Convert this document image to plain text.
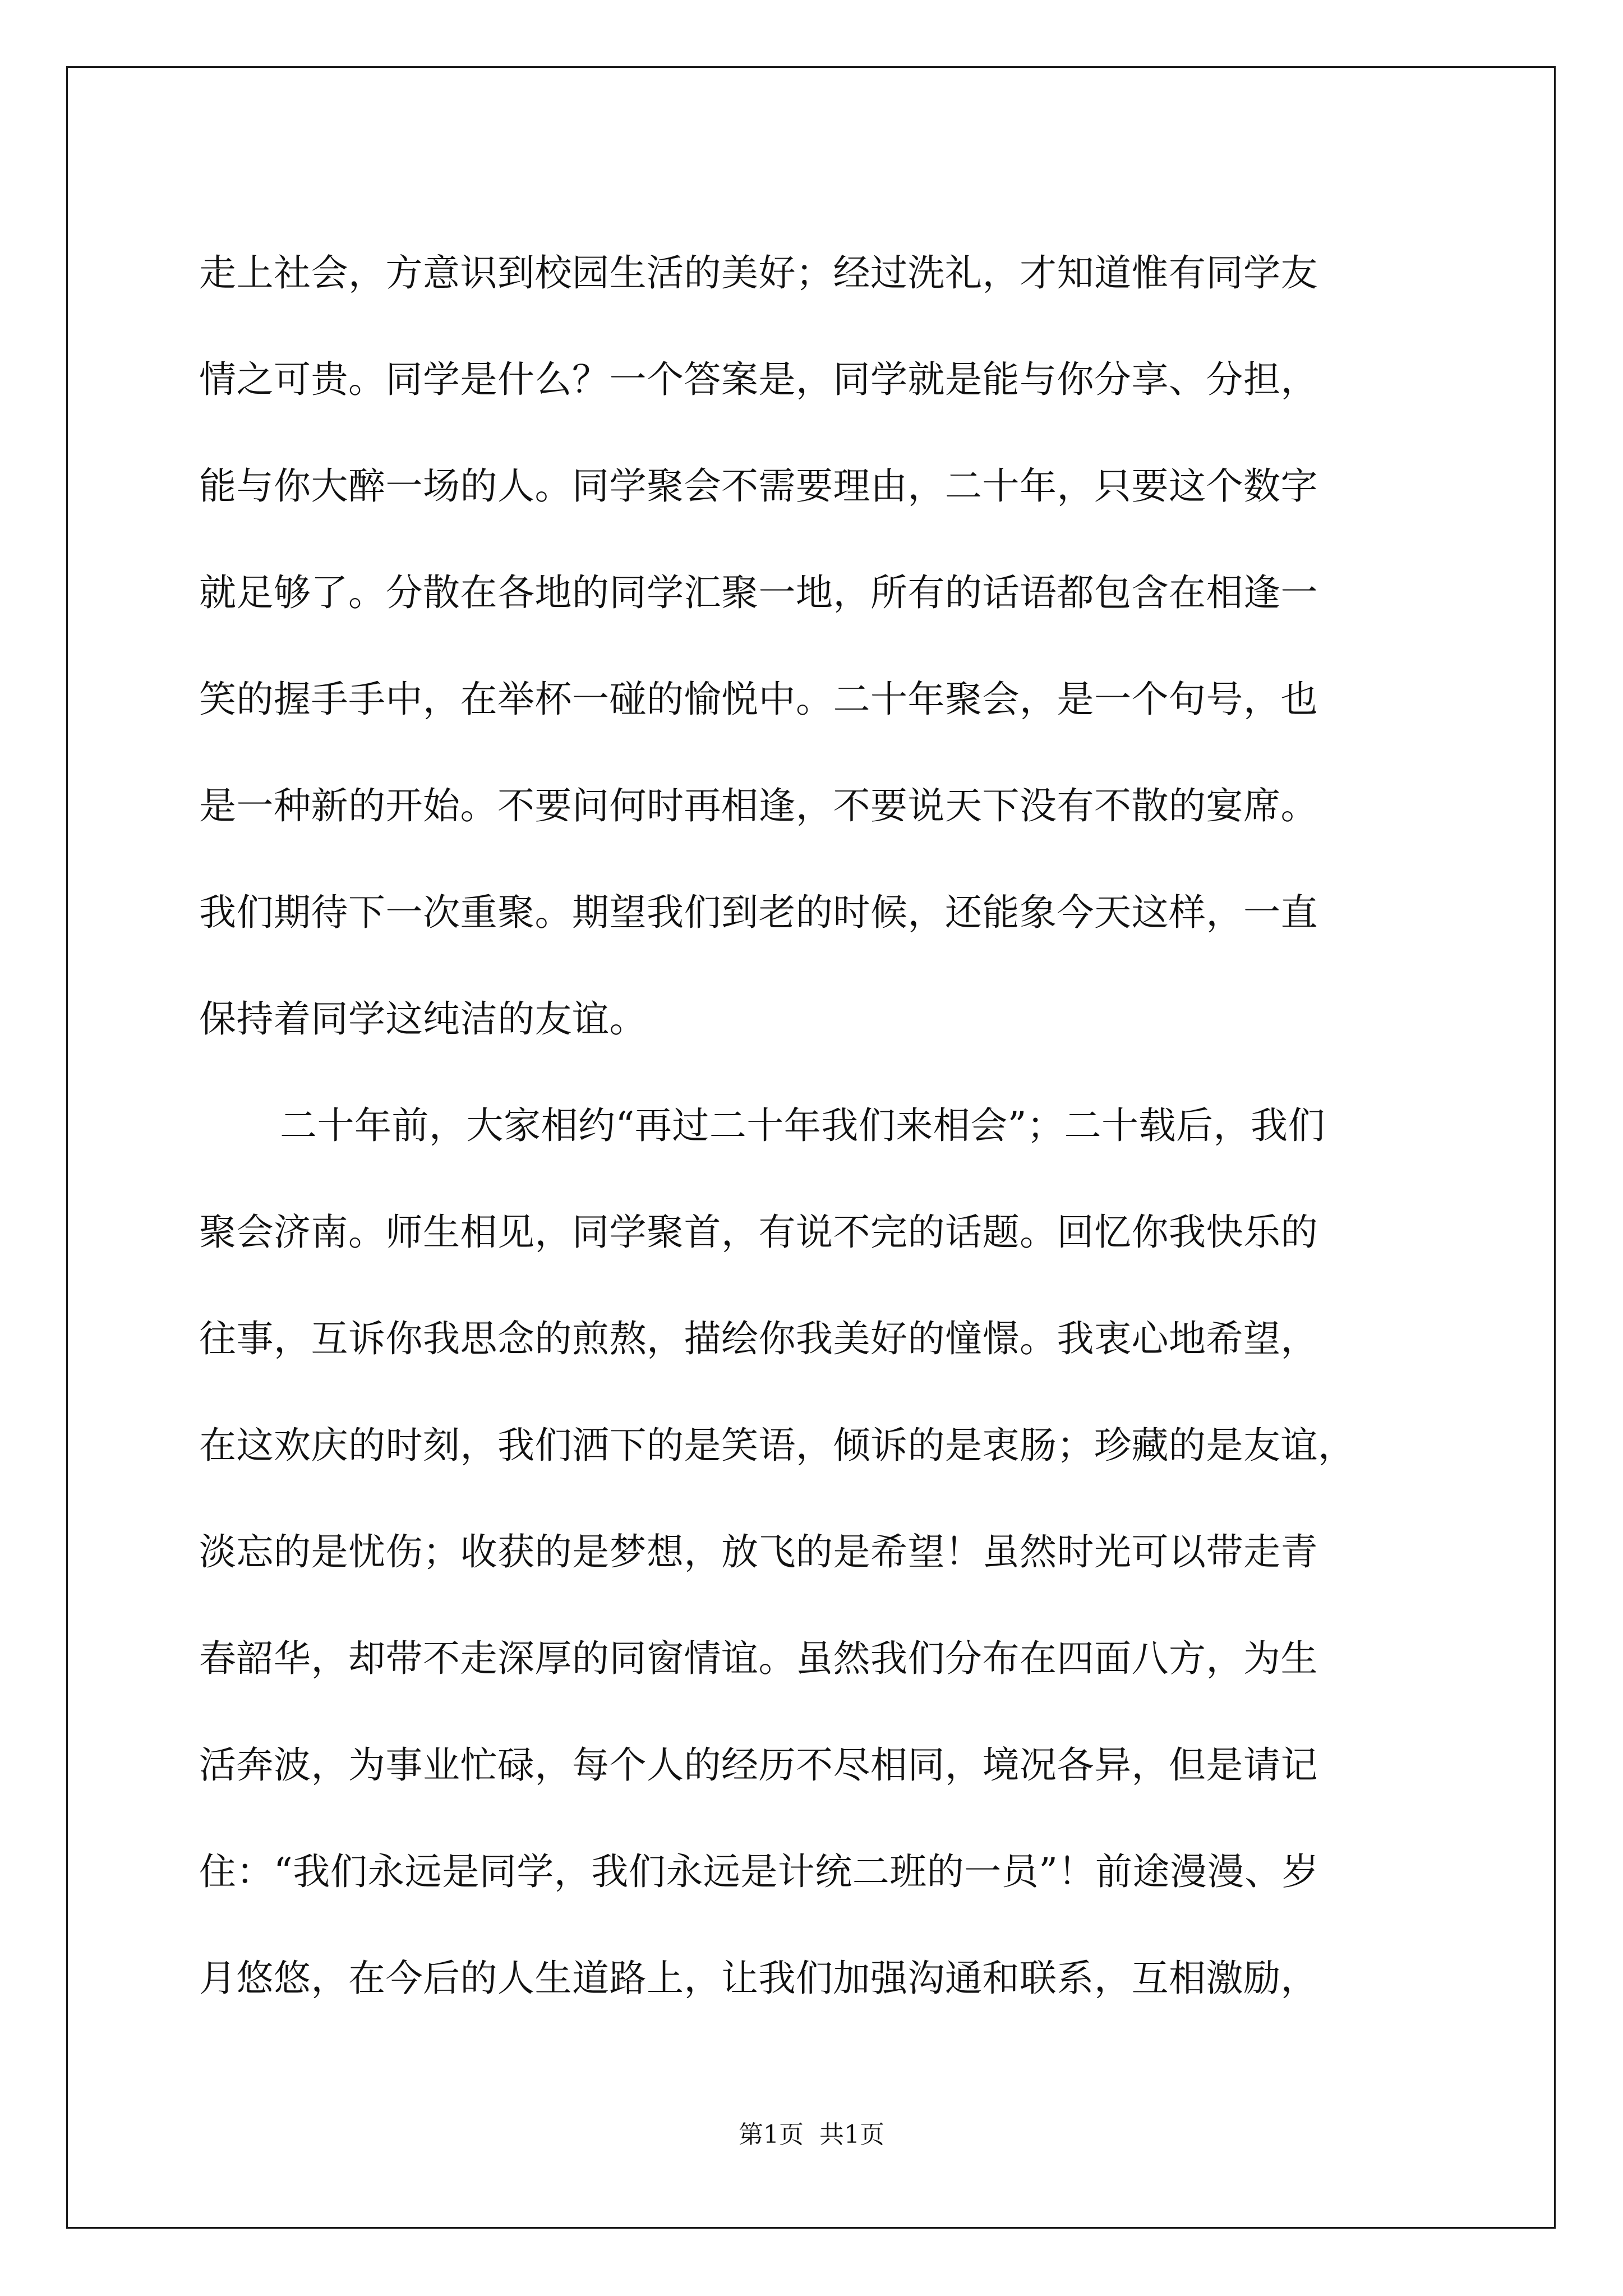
走上社会，方意识到校园生活的美好；经过洗礼，才知道惟有同学友
情之可贵。同学是什么？一个答案是，同学就是能与你分享、分担，
能与你大醉一场的人。同学聚会不需要理由，二十年，只要这个数字
就足够了。分散在各地的同学汇聚一地，所有的话语都包含在相逢一
笑的握手手中，在举杯一碰的愉悦中。二十年聚会，是一个句号，也
是一种新的开始。不要问何时再相逢，不要说天下没有不散的宴席。
我们期待下一次重聚。期望我们到老的时候，还能象今天这样，一直
保持着同学这纯洁的友谊。
二十年前，大家相约“再过二十年我们来相会”；二十载后，我们
聚会济南。师生相见，同学聚首，有说不完的话题。回忆你我快乐的
往事，互诉你我思念的煎熬，描绘你我美好的憧憬。我衷心地希望，
在这欢庆的时刻，我们洒下的是笑语，倾诉的是衷肠；珍藏的是友谊，
淡忘的是忧伤；收获的是梦想，放飞的是希望！虽然时光可以带走青
春韶华，却带不走深厚的同窗情谊。虽然我们分布在四面八方，为生
活奔波，为事业忙碌，每个人的经历不尽相同，境况各异，但是请记
住：“我们永远是同学，我们永远是计统二班的一员”！前途漫漫、岁
月悠悠，在今后的人生道路上，让我们加强沟通和联系，互相激励，
第1页 共1页
